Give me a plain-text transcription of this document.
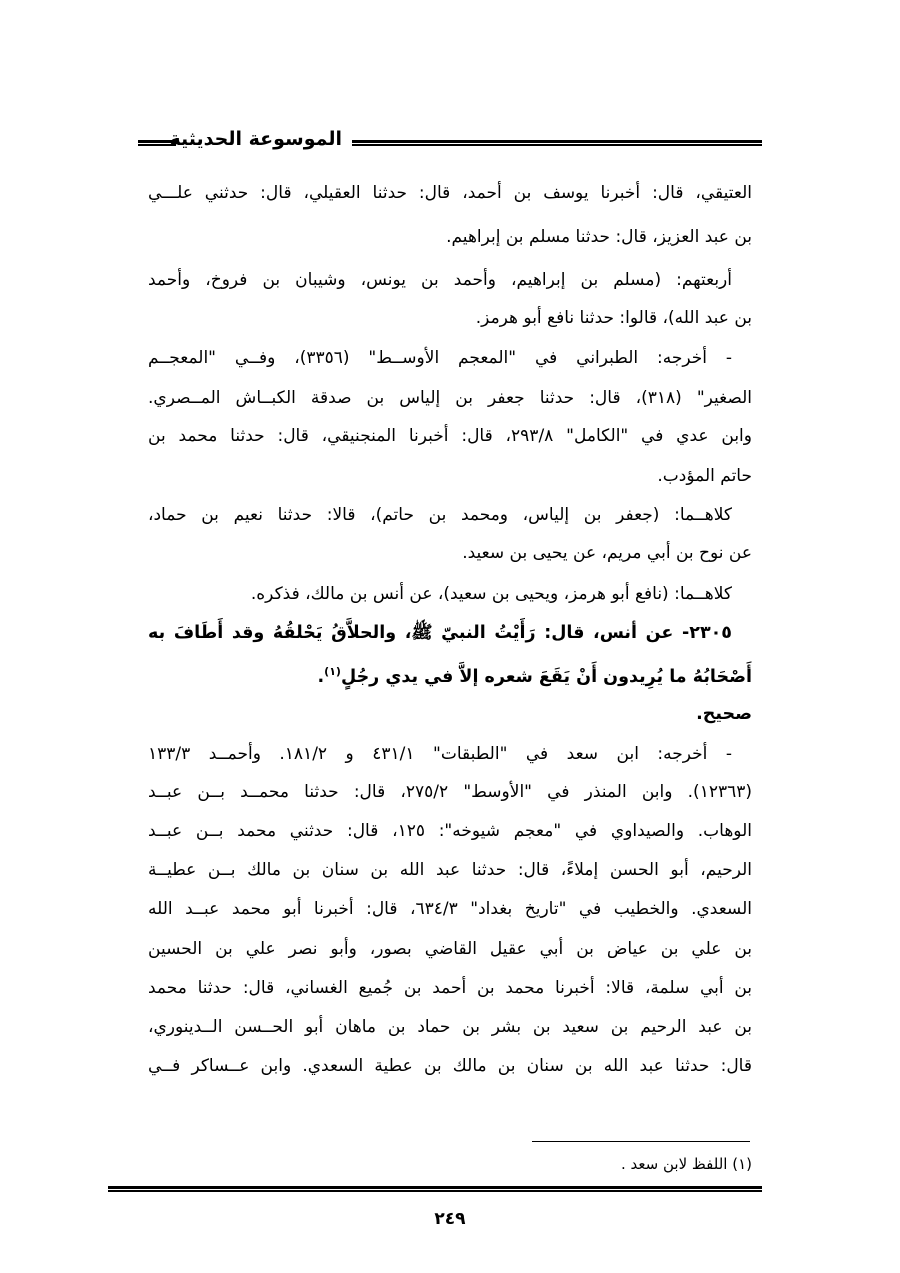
الموسوعة الحديثية
العتيقي، قال: أخبرنا يوسف بن أحمد، قال: حدثنا العقيلي، قال: حدثني علـــي
بن عبد العزيز، قال: حدثنا مسلم بن إبراهيم.
أربعتهم: (مسلم بن إبراهيم، وأحمد بن يونس، وشيبان بن فروخ، وأحمد
بن عبد الله)، قالوا: حدثنا نافع أبو هرمز.
- أخرجه: الطبراني في "المعجم الأوســط" (٣٣٥٦)، وفــي "المعجــم
الصغير" (٣١٨)، قال: حدثنا جعفر بن إلياس بن صدقة الكبــاش المــصري.
وابن عدي في "الكامل" ٢٩٣/٨، قال: أخبرنا المنجنيقي، قال: حدثنا محمد بن
حاتم المؤدب.
كلاهــما: (جعفر بن إلياس، ومحمد بن حاتم)، قالا: حدثنا نعيم بن حماد،
عن نوح بن أبي مريم، عن يحيى بن سعيد.
كلاهــما: (نافع أبو هرمز، ويحيى بن سعيد)، عن أنس بن مالك، فذكره.
٢٣٠٥- عن أنس، قال: رَأَيْتُ النبيّ ﷺ، والحلاَّقُ يَحْلقُهُ وقد أَطَافَ به
أَصْحَابُهُ ما يُرِيدون أَنْ يَقَعَ شعره إلاَّ في يدي رجُلٍ$^{(١)}$.
صحيح.
- أخرجه: ابن سعد في "الطبقات" ٤٣١/١ و ١٨١/٢. وأحمــد ١٣٣/٣
(١٢٣٦٣). وابن المنذر في "الأوسط" ٢٧٥/٢، قال: حدثنا محمــد بــن عبــد
الوهاب. والصيداوي في "معجم شيوخه": ١٢٥، قال: حدثني محمد بــن عبــد
الرحيم، أبو الحسن إملاءً، قال: حدثنا عبد الله بن سنان بن مالك بــن عطيــة
السعدي. والخطيب في "تاريخ بغداد" ٦٣٤/٣، قال: أخبرنا أبو محمد عبــد الله
بن علي بن عياض بن أبي عقيل القاضي بصور، وأبو نصر علي بن الحسين
بن أبي سلمة، قالا: أخبرنا محمد بن أحمد بن جُميع الغساني، قال: حدثنا محمد
بن عبد الرحيم بن سعيد بن بشر بن حماد بن ماهان أبو الحــسن الــدينوري،
قال: حدثنا عبد الله بن سنان بن مالك بن عطية السعدي. وابن عــساكر فــي
(١) اللفظ لابن سعد .
٢٤٩
